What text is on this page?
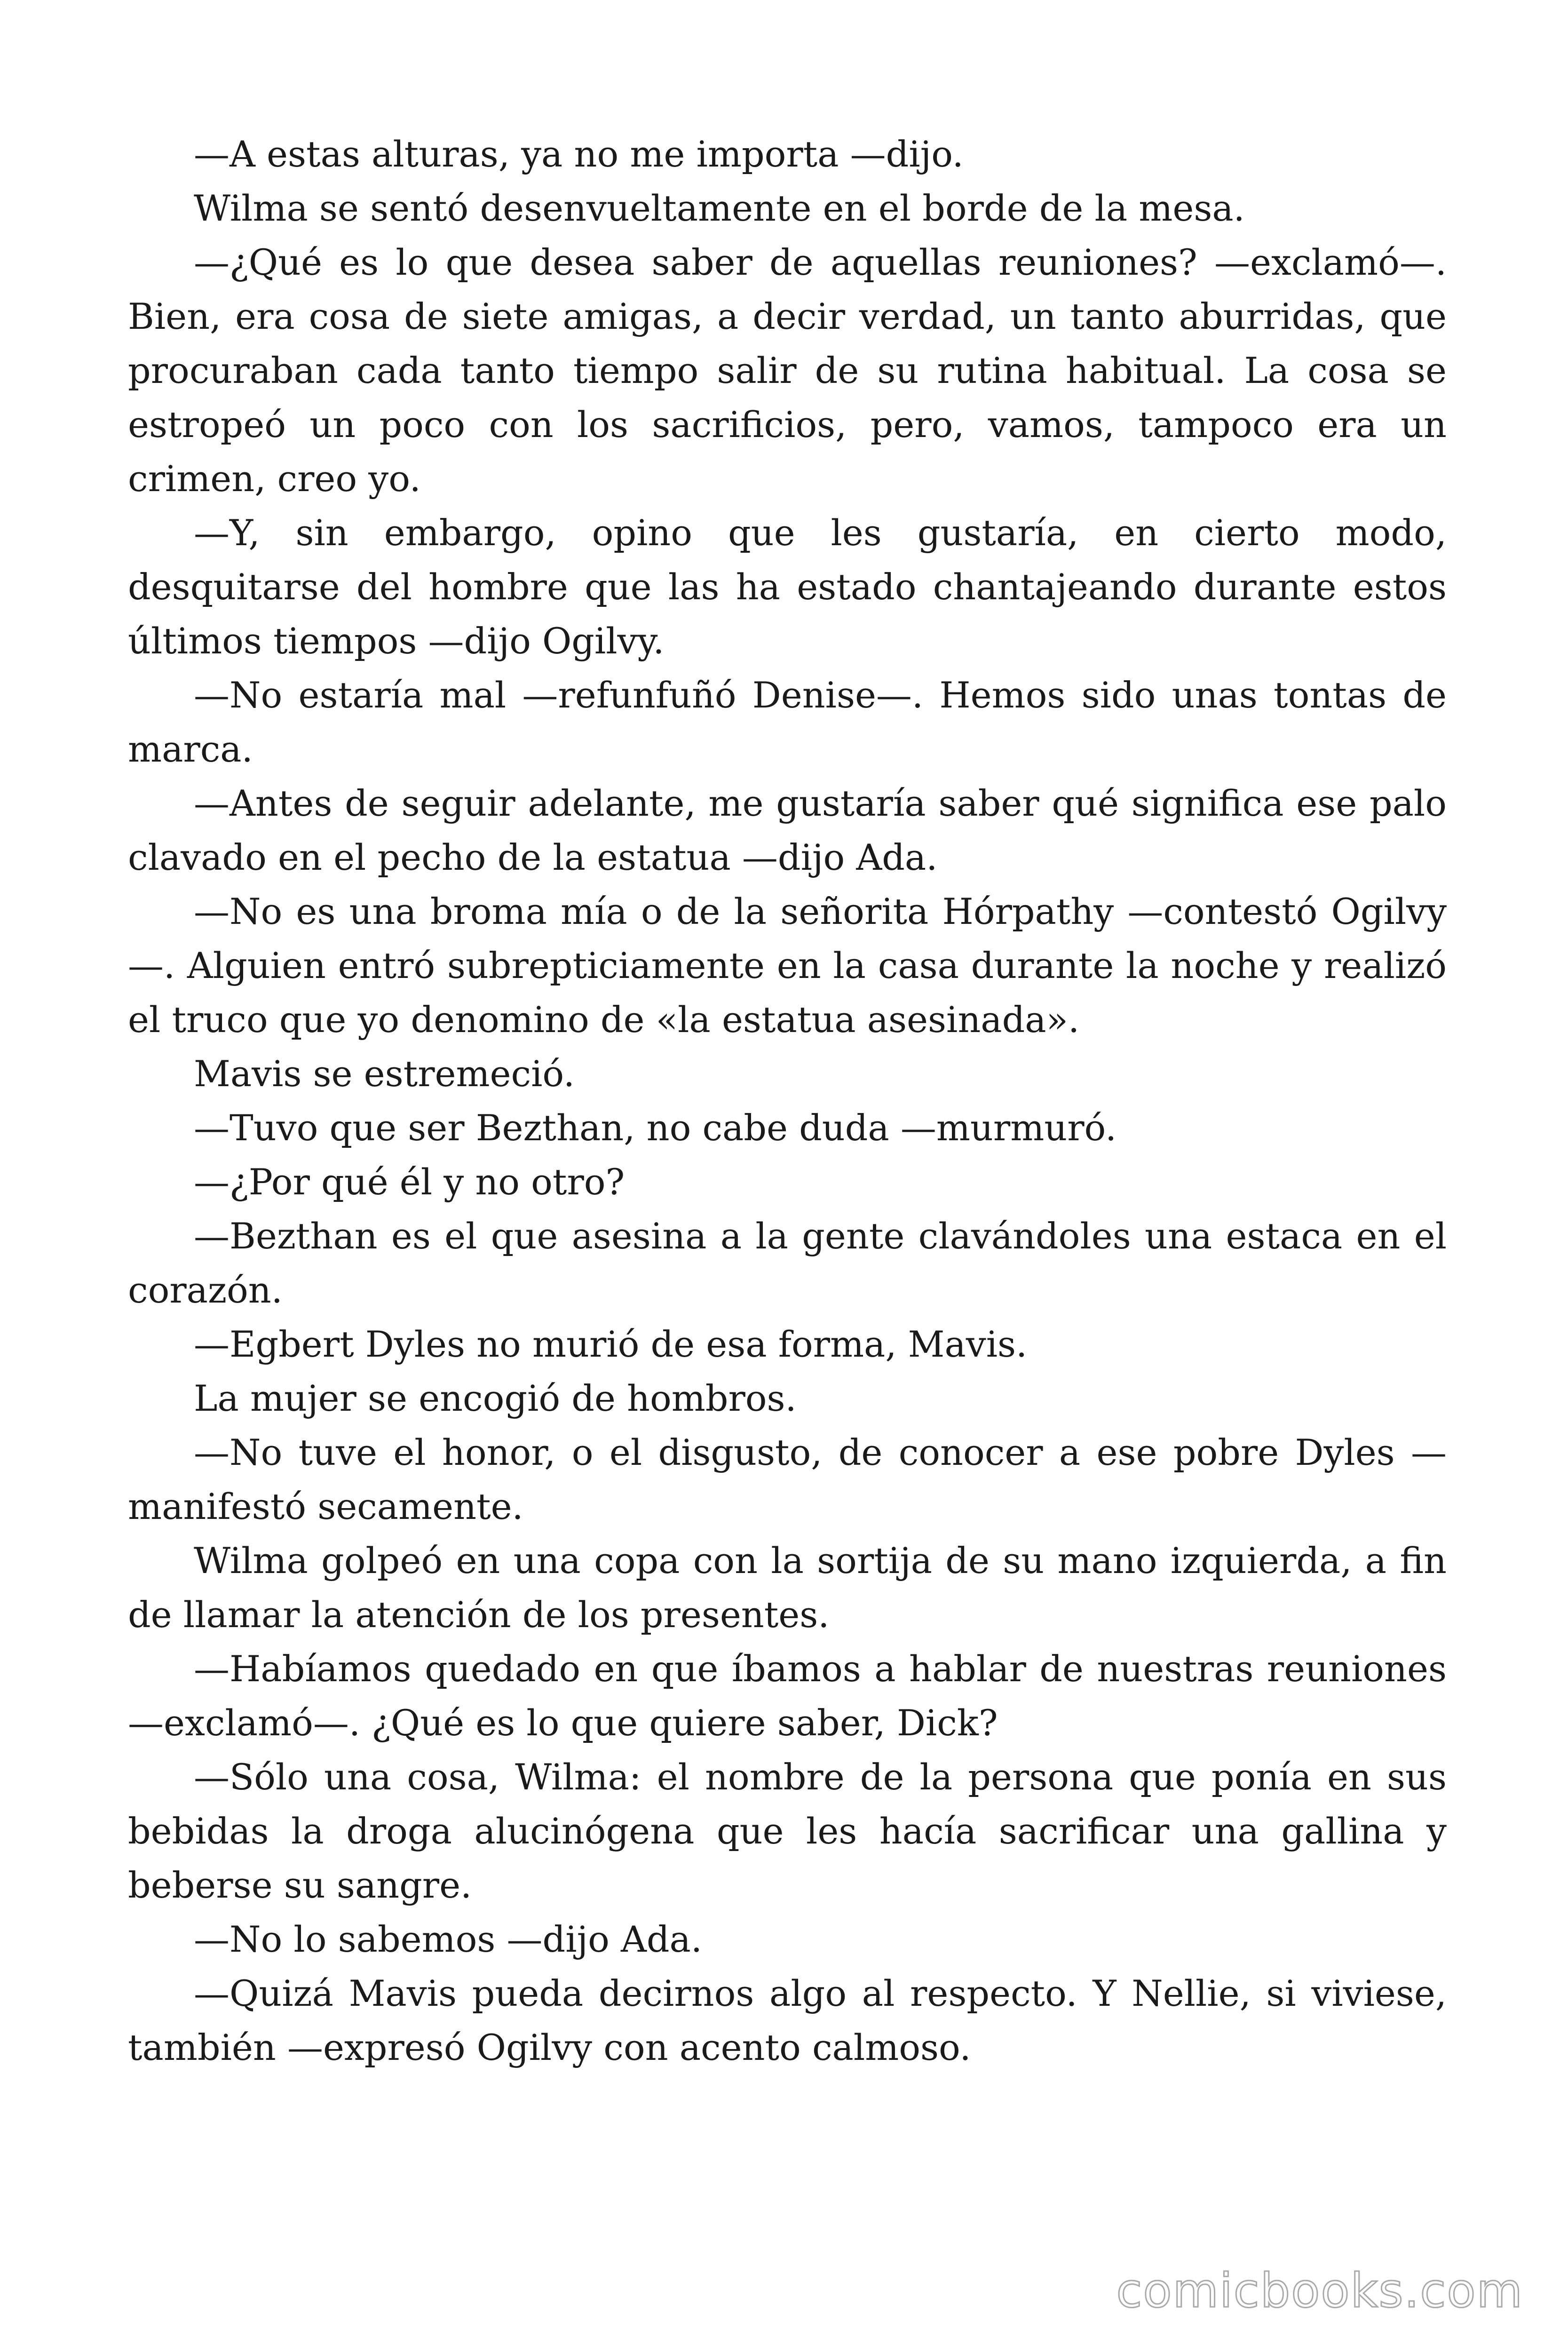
—A estas alturas, ya no me importa —dijo.

Wilma se sentó desenvueltamente en el borde de la mesa.

—¿Qué es lo que desea saber de aquellas reuniones? —exclamó—. Bien, era cosa de siete amigas, a decir verdad, un tanto aburridas, que procuraban cada tanto tiempo salir de su rutina habitual. La cosa se estropeó un poco con los sacrificios, pero, vamos, tampoco era un crimen, creo yo.

—Y, sin embargo, opino que les gustaría, en cierto modo, desquitarse del hombre que las ha estado chantajeando durante estos últimos tiempos —dijo Ogilvy.

—No estaría mal —refunfuñó Denise—. Hemos sido unas tontas de marca.

—Antes de seguir adelante, me gustaría saber qué significa ese palo clavado en el pecho de la estatua —dijo Ada.

—No es una broma mía o de la señorita Hórpathy —contestó Ogilvy—. Alguien entró subrepticiamente en la casa durante la noche y realizó el truco que yo denomino de «la estatua asesinada».

Mavis se estremeció.

—Tuvo que ser Bezthan, no cabe duda —murmuró.

—¿Por qué él y no otro?

—Bezthan es el que asesina a la gente clavándoles una estaca en el corazón.

—Egbert Dyles no murió de esa forma, Mavis.

La mujer se encogió de hombros.

—No tuve el honor, o el disgusto, de conocer a ese pobre Dyles —manifestó secamente.

Wilma golpeó en una copa con la sortija de su mano izquierda, a fin de llamar la atención de los presentes.

—Habíamos quedado en que íbamos a hablar de nuestras reuniones —exclamó—. ¿Qué es lo que quiere saber, Dick?

—Sólo una cosa, Wilma: el nombre de la persona que ponía en sus bebidas la droga alucinógena que les hacía sacrificar una gallina y beberse su sangre.

—No lo sabemos —dijo Ada.

—Quizá Mavis pueda decirnos algo al respecto. Y Nellie, si viviese, también —expresó Ogilvy con acento calmoso.

comicbooks.com
